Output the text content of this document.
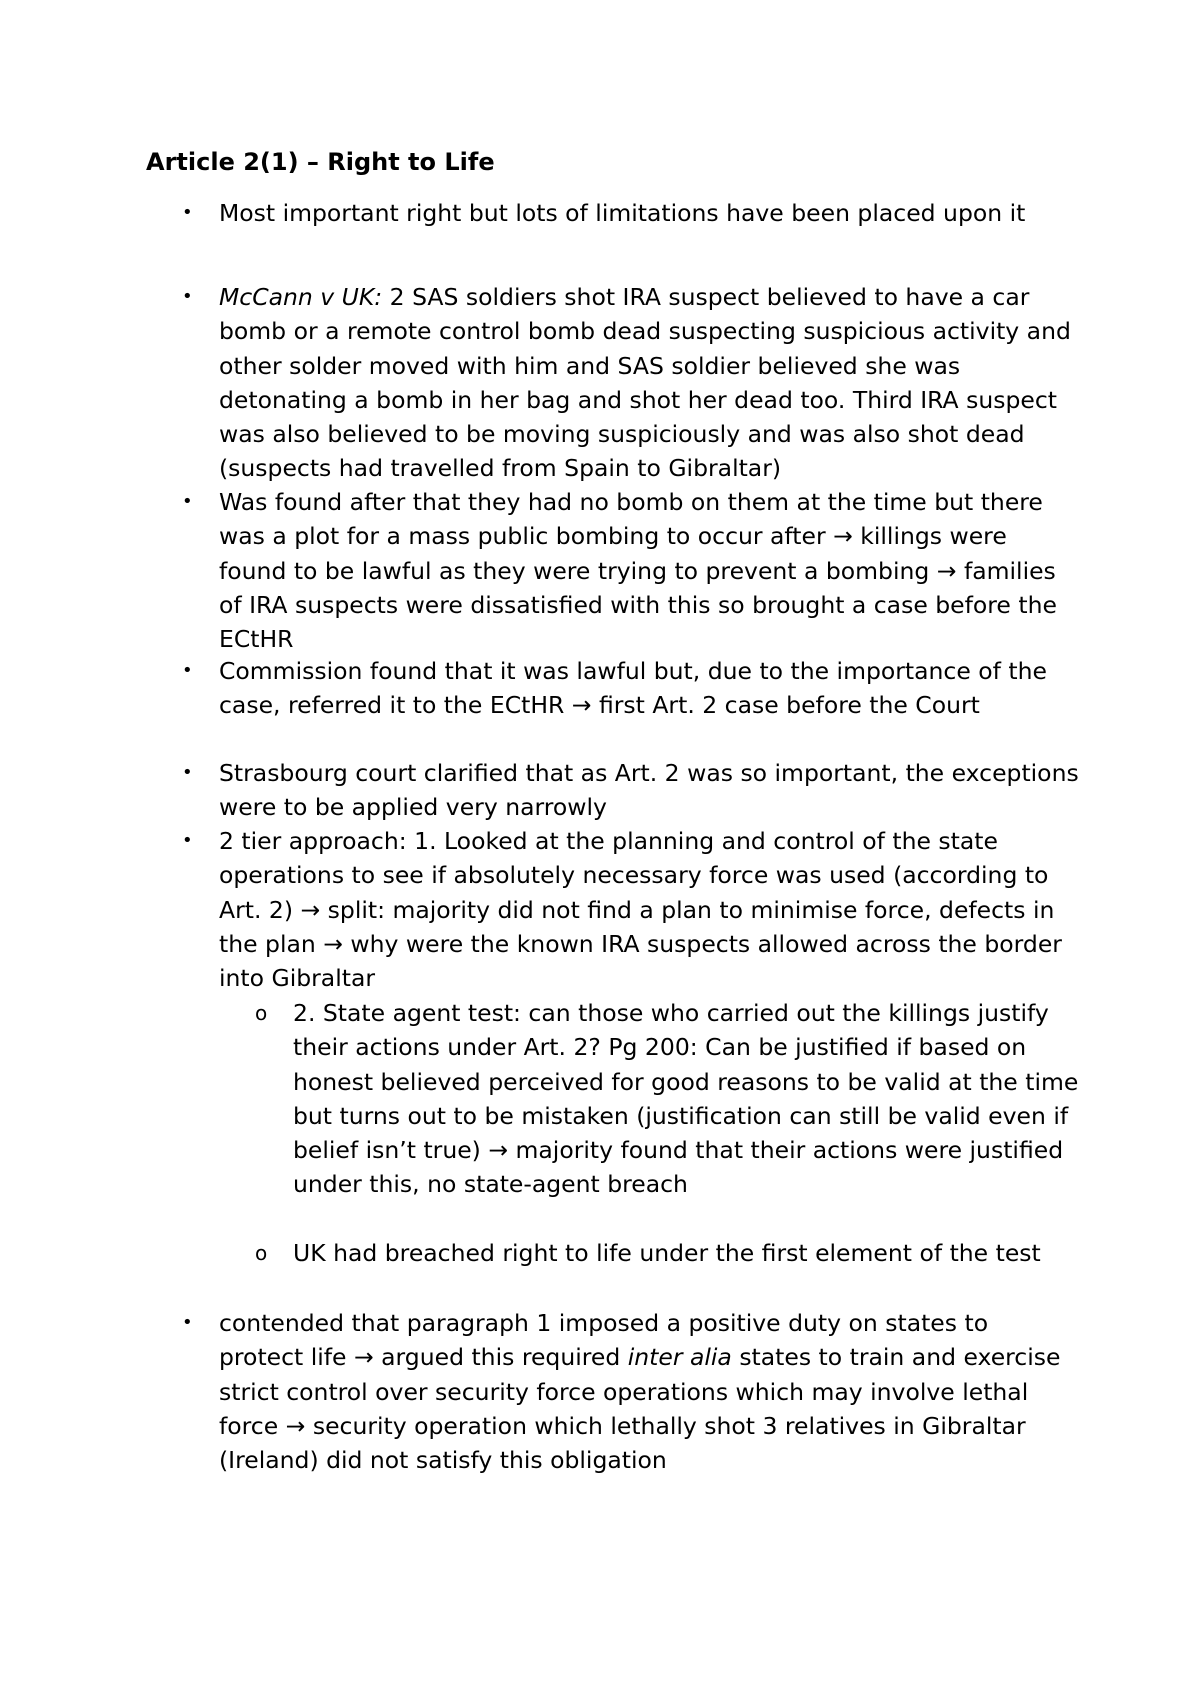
Article 2(1) – Right to Life
• Most important right but lots of limitations have been placed upon it

• McCann v UK: 2 SAS soldiers shot IRA suspect believed to have a car bomb or a remote control bomb dead suspecting suspicious activity and other solder moved with him and SAS soldier believed she was detonating a bomb in her bag and shot her dead too. Third IRA suspect was also believed to be moving suspiciously and was also shot dead (suspects had travelled from Spain to Gibraltar)

• Was found after that they had no bomb on them at the time but there was a plot for a mass public bombing to occur after → killings were found to be lawful as they were trying to prevent a bombing → families of IRA suspects were dissatisfied with this so brought a case before the ECtHR

• Commission found that it was lawful but, due to the importance of the case, referred it to the ECtHR → first Art. 2 case before the Court

• Strasbourg court clarified that as Art. 2 was so important, the exceptions were to be applied very narrowly

• 2 tier approach: 1. Looked at the planning and control of the state operations to see if absolutely necessary force was used (according to Art. 2) → split: majority did not find a plan to minimise force, defects in the plan → why were the known IRA suspects allowed across the border into Gibraltar

o 2. State agent test: can those who carried out the killings justify their actions under Art. 2? Pg 200: Can be justified if based on honest believed perceived for good reasons to be valid at the time but turns out to be mistaken (justification can still be valid even if belief isn’t true) → majority found that their actions were justified under this, no state-agent breach

o UK had breached right to life under the first element of the test

• contended that paragraph 1 imposed a positive duty on states to protect life → argued this required inter alia states to train and exercise strict control over security force operations which may involve lethal force → security operation which lethally shot 3 relatives in Gibraltar (Ireland) did not satisfy this obligation
